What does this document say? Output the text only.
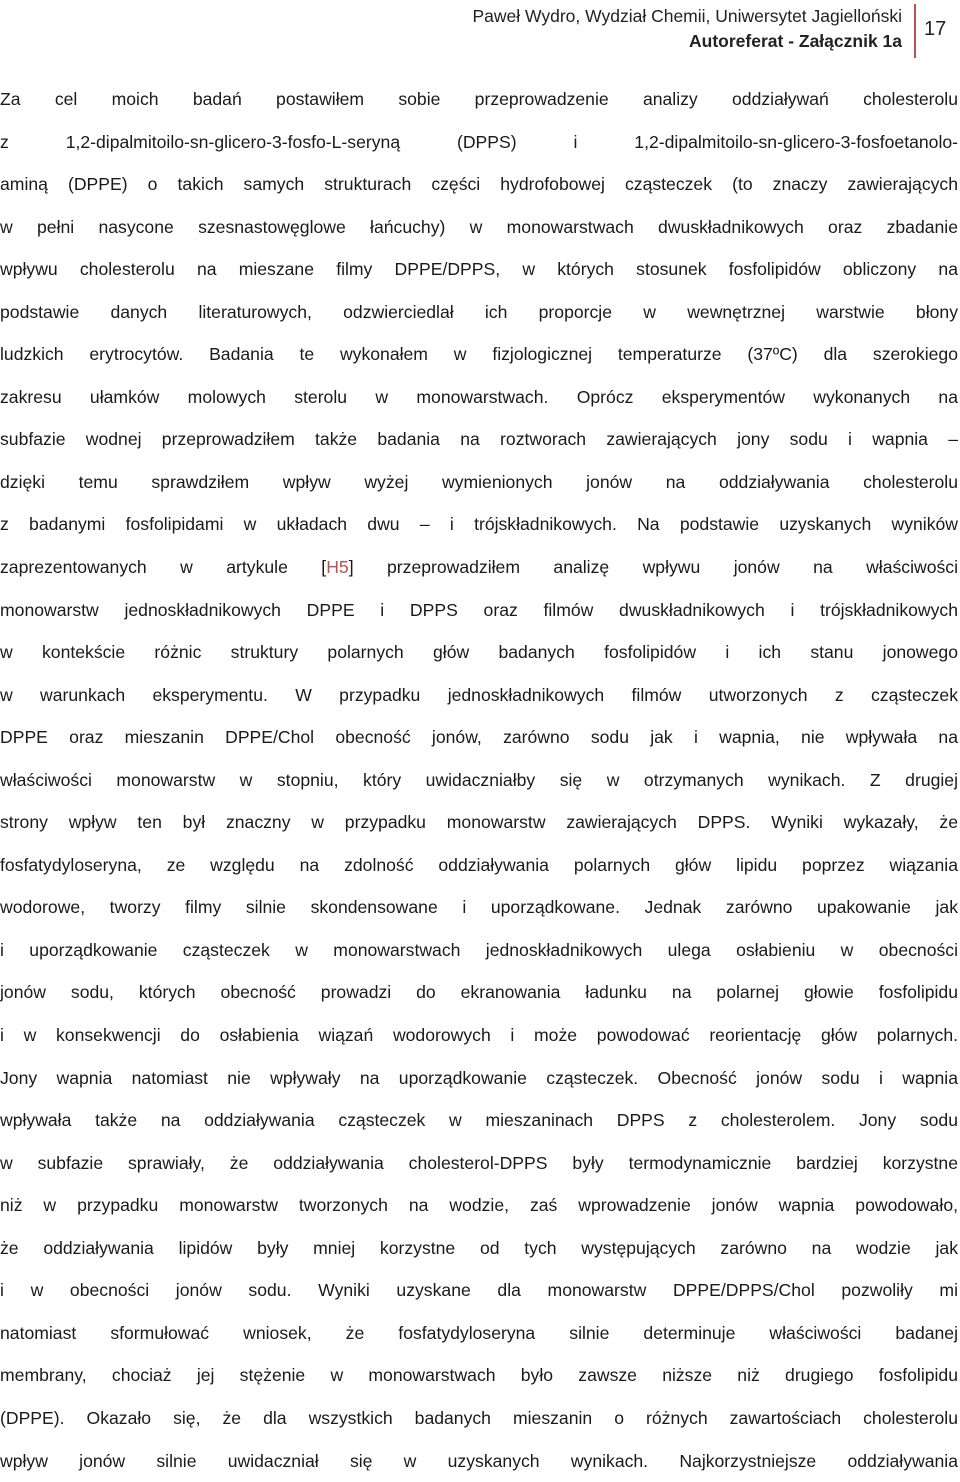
Paweł Wydro, Wydział Chemii, Uniwersytet Jagielloński
Autoreferat - Załącznik 1a
17
Za cel moich badań postawiłem sobie przeprowadzenie analizy oddziaływań cholesterolu
z 1,2-dipalmitoilo-sn-glicero-3-fosfo-L-seryną (DPPS) i 1,2-dipalmitoilo-sn-glicero-3-fosfoetanolo-
aminą (DPPE) o takich samych strukturach części hydrofobowej cząsteczek (to znaczy zawierających
w pełni nasycone szesnastowęglowe łańcuchy) w monowarstwach dwuskładnikowych oraz zbadanie
wpływu cholesterolu na mieszane filmy DPPE/DPPS, w których stosunek fosfolipidów obliczony na
podstawie danych literaturowych, odzwierciedlał ich proporcje w wewnętrznej warstwie błony
ludzkich erytrocytów. Badania te wykonałem w fizjologicznej temperaturze (37ºC) dla szerokiego
zakresu ułamków molowych sterolu w monowarstwach. Oprócz eksperymentów wykonanych na
subfazie wodnej przeprowadziłem także badania na roztworach zawierających jony sodu i wapnia –
dzięki temu sprawdziłem wpływ wyżej wymienionych jonów na oddziaływania cholesterolu
z badanymi fosfolipidami w układach dwu – i trójskładnikowych. Na podstawie uzyskanych wyników
zaprezentowanych w artykule [H5] przeprowadziłem analizę wpływu jonów na właściwości
monowarstw jednoskładnikowych DPPE i DPPS oraz filmów dwuskładnikowych i trójskładnikowych
w kontekście różnic struktury polarnych głów badanych fosfolipidów i ich stanu jonowego
w warunkach eksperymentu. W przypadku jednoskładnikowych filmów utworzonych z cząsteczek
DPPE oraz mieszanin DPPE/Chol obecność jonów, zarówno sodu jak i wapnia, nie wpływała na
właściwości monowarstw w stopniu, który uwidaczniałby się w otrzymanych wynikach. Z drugiej
strony wpływ ten był znaczny w przypadku monowarstw zawierających DPPS. Wyniki wykazały, że
fosfatydyloseryna, ze względu na zdolność oddziaływania polarnych głów lipidu poprzez wiązania
wodorowe, tworzy filmy silnie skondensowane i uporządkowane. Jednak zarówno upakowanie jak
i uporządkowanie cząsteczek w monowarstwach jednoskładnikowych ulega osłabieniu w obecności
jonów sodu, których obecność prowadzi do ekranowania ładunku na polarnej głowie fosfolipidu
i w konsekwencji do osłabienia wiązań wodorowych i może powodować reorientację głów polarnych.
Jony wapnia natomiast nie wpływały na uporządkowanie cząsteczek. Obecność jonów sodu i wapnia
wpływała także na oddziaływania cząsteczek w mieszaninach DPPS z cholesterolem. Jony sodu
w subfazie sprawiały, że oddziaływania cholesterol-DPPS były termodynamicznie bardziej korzystne
niż w przypadku monowarstw tworzonych na wodzie, zaś wprowadzenie jonów wapnia powodowało,
że oddziaływania lipidów były mniej korzystne od tych występujących zarówno na wodzie jak
i w obecności jonów sodu. Wyniki uzyskane dla monowarstw DPPE/DPPS/Chol pozwoliły mi
natomiast sformułować wniosek, że fosfatydyloseryna silnie determinuje właściwości badanej
membrany, chociaż jej stężenie w monowarstwach było zawsze niższe niż drugiego fosfolipidu
(DPPE). Okazało się, że dla wszystkich badanych mieszanin o różnych zawartościach cholesterolu
wpływ jonów silnie uwidaczniał się w uzyskanych wynikach. Najkorzystniejsze oddziaływania
